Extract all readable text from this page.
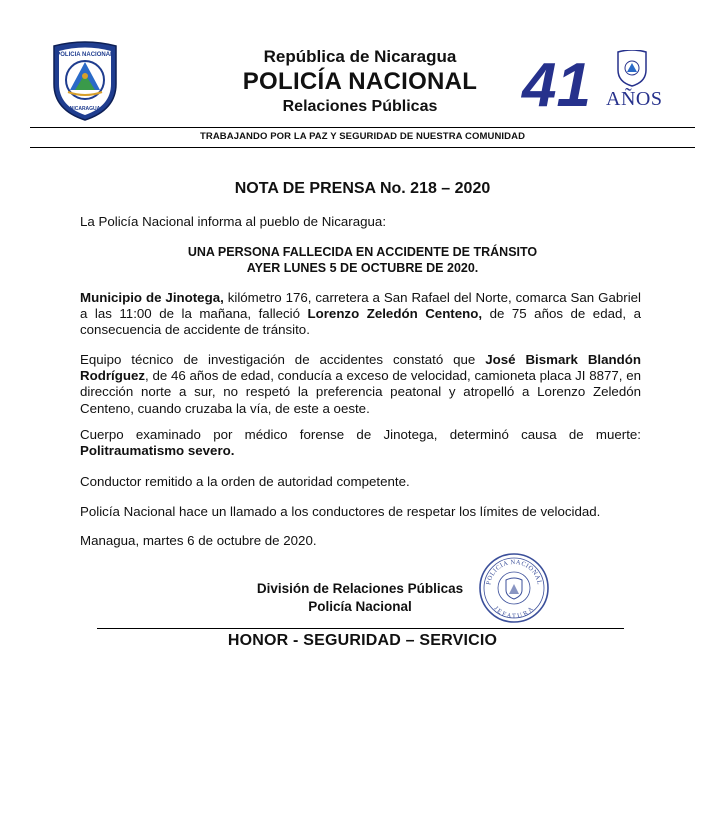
POLICIA NACIONAL
NICARAGUA
República de Nicaragua
POLICÍA NACIONAL
Relaciones Públicas	41 AÑOS
TRABAJANDO POR LA PAZ Y SEGURIDAD DE NUESTRA COMUNIDAD
NOTA DE PRENSA No. 218 – 2020
La Policía Nacional informa al pueblo de Nicaragua:
UNA PERSONA FALLECIDA EN ACCIDENTE DE TRÁNSITO
AYER LUNES 5 DE OCTUBRE DE 2020.
Municipio de Jinotega, kilómetro 176, carretera a San Rafael del Norte, comarca San Gabriel a las 11:00 de la mañana, falleció Lorenzo Zeledón Centeno, de 75 años de edad, a consecuencia de accidente de tránsito.
Equipo técnico de investigación de accidentes constató que José Bismark Blandón Rodríguez, de 46 años de edad, conducía a exceso de velocidad, camioneta placa JI 8877, en dirección norte a sur, no respetó la preferencia peatonal y atropelló a Lorenzo Zeledón Centeno, cuando cruzaba la vía, de este a oeste.
Cuerpo examinado por médico forense de Jinotega, determinó causa de muerte: Politraumatismo severo.
Conductor remitido a la orden de autoridad competente.
Policía Nacional hace un llamado a los conductores de respetar los límites de velocidad.
Managua, martes 6 de octubre de 2020.
División de Relaciones Públicas
Policía Nacional
POLICIA NACIONAL
JEFATURA
HONOR - SEGURIDAD – SERVICIO
